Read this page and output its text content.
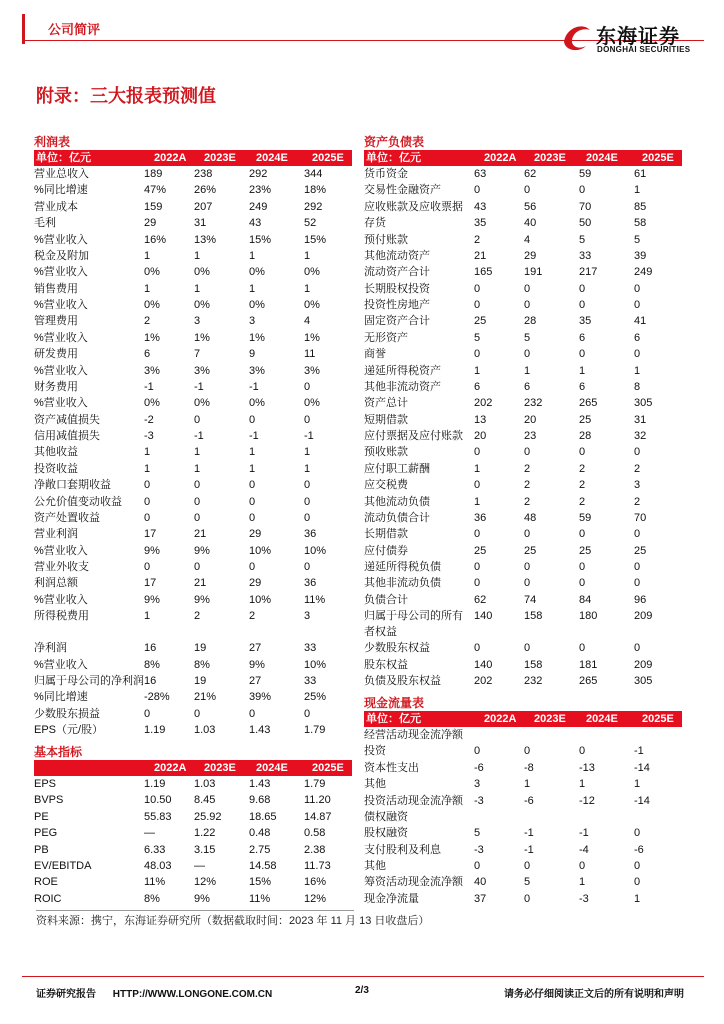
公司简评	东海证券
DONGHAI SECURITIES
附录：三大报表预测值
利润表
单位：亿元	2022A 2023E 2024E 2025E
营业总收入	189	238	292	344
%同比增速	47%	26%	23%	18%
营业成本	159	207	249	292
毛利	29	31	43	52
%营业收入	16%	13%	15%	15%
税金及附加	1	1	1	1
%营业收入	0%	0%	0%	0%
销售费用	1	1	1	1
%营业收入	0%	0%	0%	0%
管理费用	2	3	3	4
%营业收入	1%	1%	1%	1%
研发费用	6	7	9	11
%营业收入	3%	3%	3%	3%
财务费用	-1	-1	-1	0
%营业收入	0%	0%	0%	0%
资产减值损失	-2	0	0	0
信用减值损失	-3	-1	-1	-1
其他收益	1	1	1	1
投资收益	1	1	1	1
净敞口套期收益	0	0	0	0
公允价值变动收益 0	0	0	0
资产处置收益	0	0	0	0
营业利润	17	21	29	36
%营业收入	9%	9%	10%	10%
营业外收支	0	0	0	0
利润总额	17	21	29	36
%营业收入	9%	9%	10%	11%
所得税费用	1	2	2	3
净利润	16	19	27	33
%营业收入	8%	8%	9%	10%
归属于母公司的净利润 16	19	27	33
%同比增速	-28% 21%	39%	25%
少数股东损益	0	0	0	0
EPS（元/股）	1.19	1.03	1.43	1.79
基本指标
2022A 2023E 2024E 2025E
EPS	1.19	1.03	1.43	1.79
BVPS	10.50 8.45	9.68	11.20
PE	55.83 25.92 18.65 14.87
PEG	—	1.22	0.48	0.58
PB	6.33	3.15	2.75	2.38
EV/EBITDA	48.03 —	14.58 11.73
ROE	11%	12%	15%	16%
ROIC	8%	9%	11%	12%
资产负债表
单位：亿元	2022A 2023E 2024E 2025E
货币资金	63	62	59	61
交易性金融资产	0	0	0	1
应收账款及应收票据 43	56	70	85
存货	35	40	50	58
预付账款	2	4	5	5
其他流动资产	21	29	33	39
流动资产合计	165	191	217	249
长期股权投资	0	0	0	0
投资性房地产	0	0	0	0
固定资产合计	25	28	35	41
无形资产	5	5	6	6
商誉	0	0	0	0
递延所得税资产	1	1	1	1
其他非流动资产	6	6	6	8
资产总计	202	232	265	305
短期借款	13	20	25	31
应付票据及应付账款 20	23	28	32
预收账款	0	0	0	0
应付职工薪酬	1	2	2	2
应交税费	0	2	2	3
其他流动负债	1	2	2	2
流动负债合计	36	48	59	70
长期借款	0	0	0	0
应付债券	25	25	25	25
递延所得税负债	0	0	0	0
其他非流动负债	0	0	0	0
负债合计	62	74	84	96
归属于母公司的所有者权益
140	158	180	209
少数股东权益	0	0	0	0
股东权益	140	158	181	209
负债及股东权益	202	232	265	305
现金流量表
单位：亿元	2022A 2023E 2024E 2025E
经营活动现金流净额
投资	0	0	0	-1
资本性支出	-6	-8	-13	-14
其他	3	1	1	1
投资活动现金流净额 -3	-6	-12	-14
债权融资
股权融资	5	-1	-1	0
支付股利及利息	-3	-1	-4	-6
其他	0	0	0	0
筹资活动现金流净额 40	5	1	0
现金净流量	37	0	-3	1
资料来源：携宁，东海证券研究所（数据截取时间：2023 年 11 月 13 日收盘后）
证券研究报告 HTTP://WWW.LONGONE.COM.CN	2/3	请务必仔细阅读正文后的所有说明和声明
